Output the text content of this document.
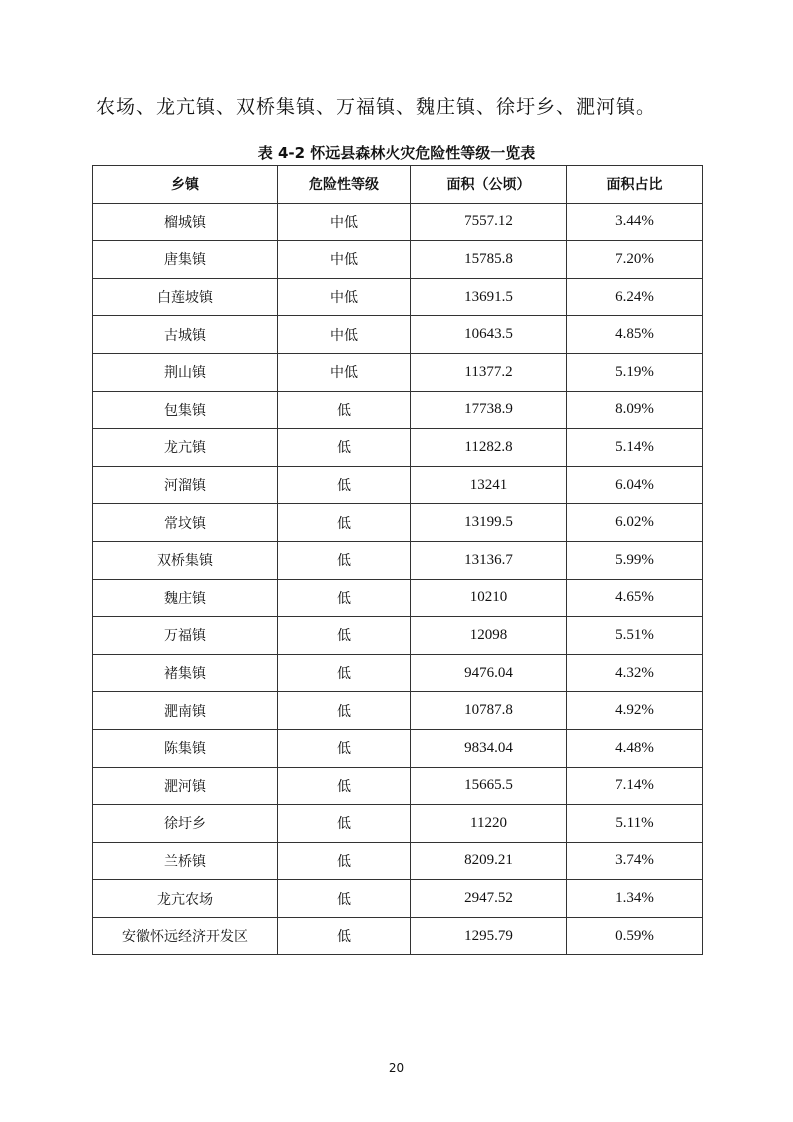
农场、龙亢镇、双桥集镇、万福镇、魏庄镇、徐圩乡、淝河镇。
表 4-2 怀远县森林火灾危险性等级一览表
乡镇	危险性等级	面积（公顷）	面积占比
榴城镇	中低	7557.12	3.44%
唐集镇	中低	15785.8	7.20%
白莲坡镇	中低	13691.5	6.24%
古城镇	中低	10643.5	4.85%
荆山镇	中低	11377.2	5.19%
包集镇	低	17738.9	8.09%
龙亢镇	低	11282.8	5.14%
河溜镇	低	13241	6.04%
常坟镇	低	13199.5	6.02%
双桥集镇	低	13136.7	5.99%
魏庄镇	低	10210	4.65%
万福镇	低	12098	5.51%
褚集镇	低	9476.04	4.32%
淝南镇	低	10787.8	4.92%
陈集镇	低	9834.04	4.48%
淝河镇	低	15665.5	7.14%
徐圩乡	低	11220	5.11%
兰桥镇	低	8209.21	3.74%
龙亢农场	低	2947.52	1.34%
安徽怀远经济开发区	低	1295.79	0.59%
20
